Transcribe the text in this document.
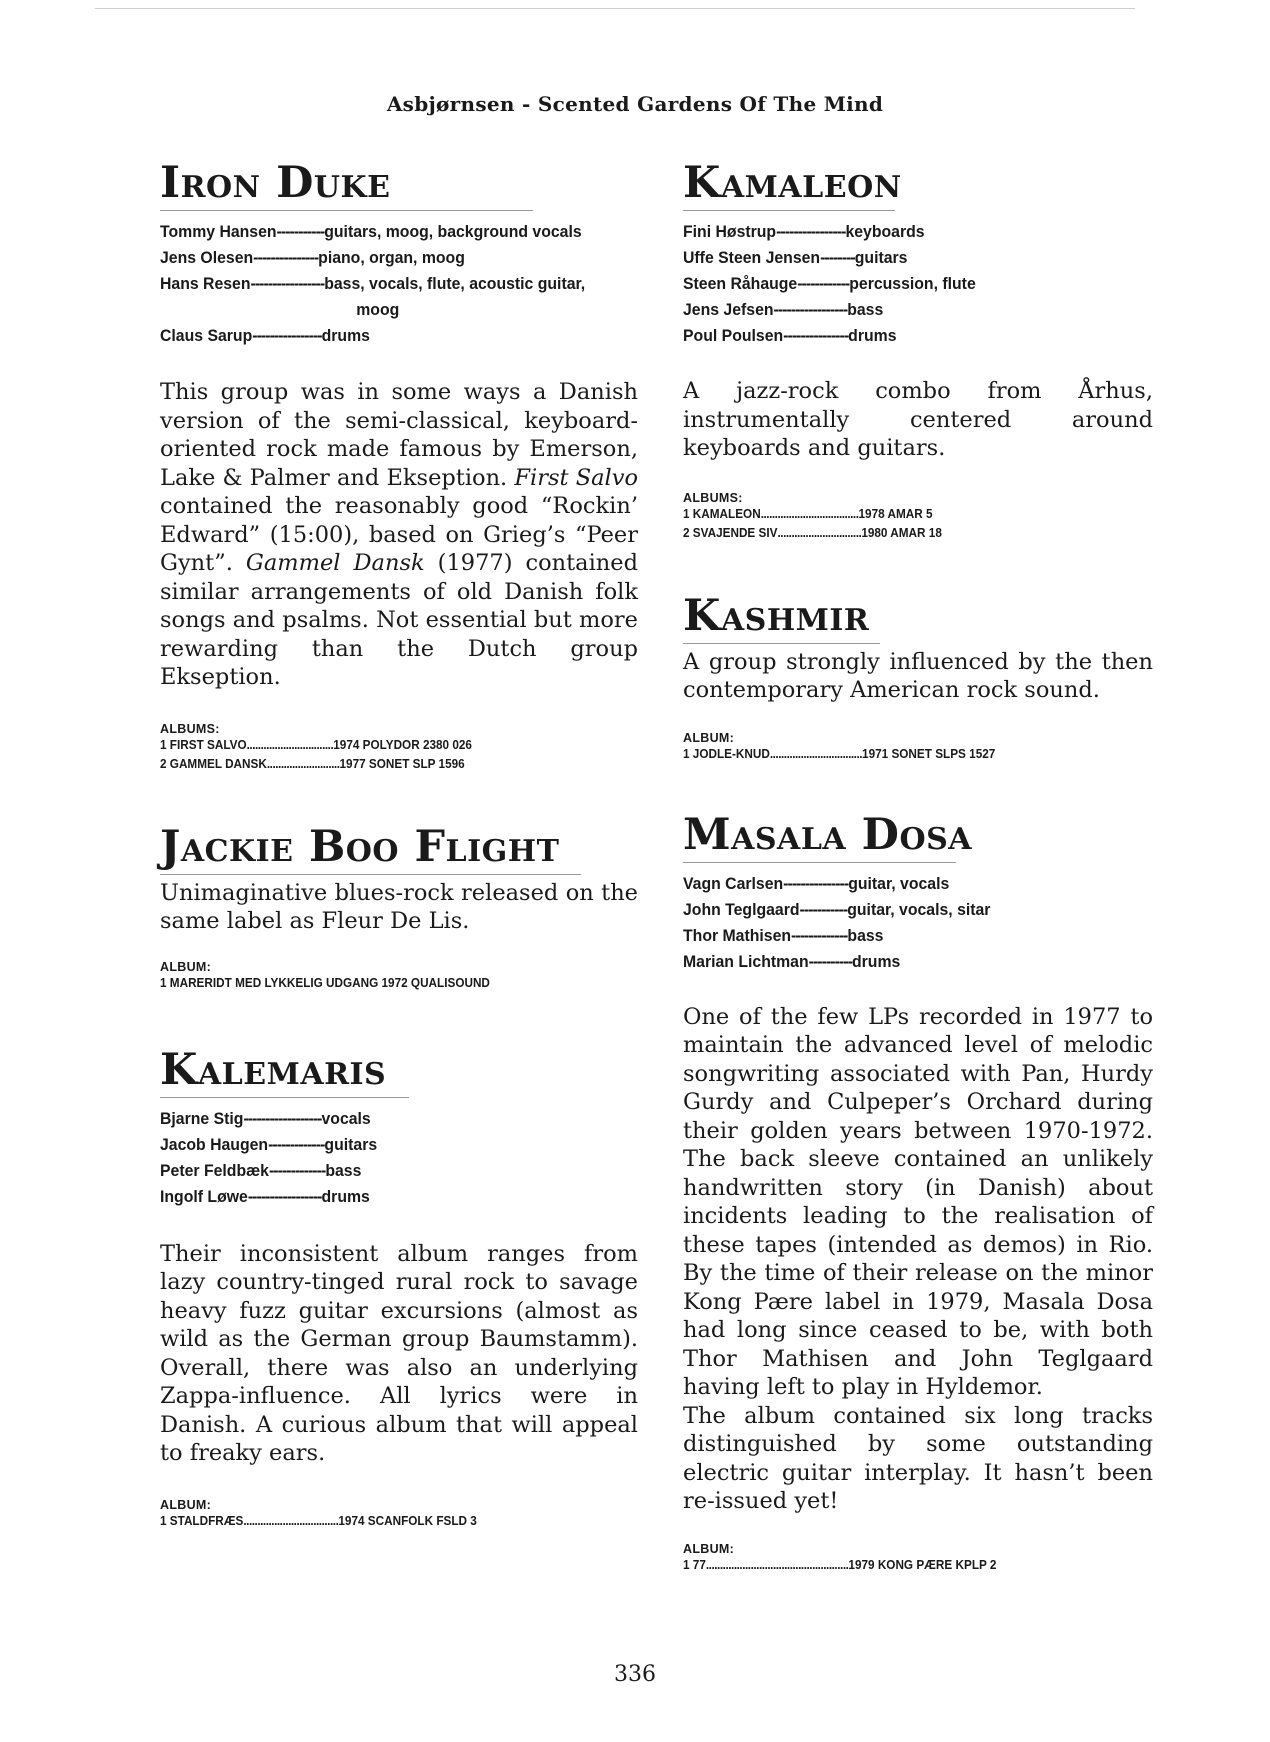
Asbjørnsen - Scented Gardens Of The Mind
Iron Duke
Tommy Hansen-----------guitars, moog, background vocals
Jens Olesen---------------piano, organ, moog
Hans Resen-----------------bass, vocals, flute, acoustic guitar,
moog
Claus Sarup----------------drums

This group was in some ways a Danish version of the semi-classical, keyboard-oriented rock made famous by Emerson, Lake & Palmer and Ekseption. First Salvo contained the reasonably good “Rockin’ Edward” (15:00), based on Grieg’s “Peer Gynt”. Gammel Dansk (1977) contained similar arrangements of old Danish folk songs and psalms. Not essential but more rewarding than the Dutch group Ekseption.

ALBUMS:
1 FIRST SALVO...............................1974 POLYDOR 2380 026
2 GAMMEL DANSK..........................1977 SONET SLP 1596
Jackie Boo Flight

Unimaginative blues-rock released on the same label as Fleur De Lis.

ALBUM:
1 MARERIDT MED LYKKELIG UDGANG 1972 QUALISOUND
Kalemaris
Bjarne Stig------------------vocals
Jacob Haugen-------------guitars
Peter Feldbæk-------------bass
Ingolf Løwe-----------------drums

Their inconsistent album ranges from lazy country-tinged rural rock to savage heavy fuzz guitar excursions (almost as wild as the German group Baumstamm). Overall, there was also an underlying Zappa-influence. All lyrics were in Danish. A curious album that will appeal to freaky ears.

ALBUM:
1 STALDFRÆS..................................1974 SCANFOLK FSLD 3
Kamaleon
Fini Høstrup----------------keyboards
Uffe Steen Jensen--------guitars
Steen Råhauge------------percussion, flute
Jens Jefsen-----------------bass
Poul Poulsen---------------drums

A jazz-rock combo from Århus, instrumentally centered around keyboards and guitars.

ALBUMS:
1 KAMALEON...................................1978 AMAR 5
2 SVAJENDE SIV..............................1980 AMAR 18
Kashmir

A group strongly influenced by the then contemporary American rock sound.

ALBUM:
1 JODLE-KNUD.................................1971 SONET SLPS 1527
Masala Dosa
Vagn Carlsen---------------guitar, vocals
John Teglgaard-----------guitar, vocals, sitar
Thor Mathisen-------------bass
Marian Lichtman----------drums

One of the few LPs recorded in 1977 to maintain the advanced level of melodic songwriting associated with Pan, Hurdy Gurdy and Culpeper’s Orchard during their golden years between 1970-1972. The back sleeve contained an unlikely handwritten story (in Danish) about incidents leading to the realisation of these tapes (intended as demos) in Rio. By the time of their release on the minor Kong Pære label in 1979, Masala Dosa had long since ceased to be, with both Thor Mathisen and John Teglgaard having left to play in Hyldemor.

The album contained six long tracks distinguished by some outstanding electric guitar interplay. It hasn’t been re-issued yet!

ALBUM:
1 77...................................................1979 KONG PÆRE KPLP 2
336
